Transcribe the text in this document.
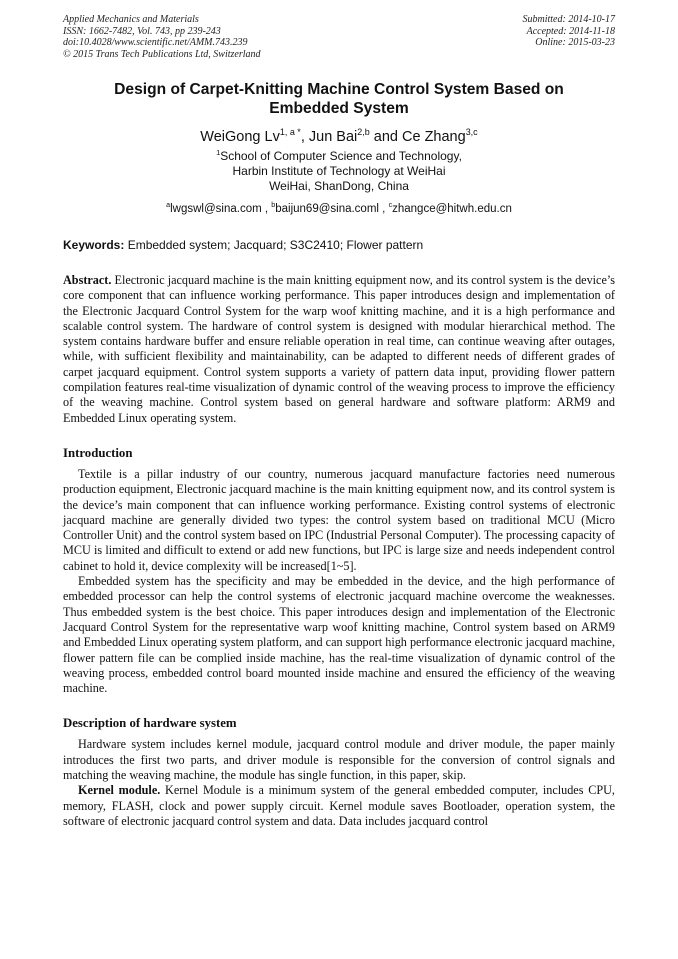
Applied Mechanics and Materials
ISSN: 1662-7482, Vol. 743, pp 239-243
doi:10.4028/www.scientific.net/AMM.743.239
© 2015 Trans Tech Publications Ltd, Switzerland
Submitted: 2014-10-17
Accepted: 2014-11-18
Online: 2015-03-23
Design of Carpet-Knitting Machine Control System Based on Embedded System
WeiGong $Lv^{1, a *}$, Jun Bai$^{2,b}$ and Ce Zhang$^{3,c}$
$^1$School of Computer Science and Technology,
Harbin Institute of Technology at WeiHai
WeiHai, ShanDong, China
$^a$lwgswl@sina.com , $^b$baijun69@sina.coml , $^c$zhangce@hitwh.edu.cn
Keywords: Embedded system; Jacquard; S3C2410; Flower pattern
Abstract. Electronic jacquard machine is the main knitting equipment now, and its control system is the device’s core component that can influence working performance. This paper introduces design and implementation of the Electronic Jacquard Control System for the warp woof knitting machine, and it is a high performance and scalable control system. The hardware of control system is designed with modular hierarchical method. The system contains hardware buffer and ensure reliable operation in real time, can continue weaving after outages, while, with sufficient flexibility and maintainability, can be adapted to different needs of different grades of carpet jacquard equipment. Control system supports a variety of pattern data input, providing flower pattern compilation features real-time visualization of dynamic control of the weaving process to improve the efficiency of the weaving machine. Control system based on general hardware and software platform: ARM9 and Embedded Linux operating system.
Introduction

Textile is a pillar industry of our country, numerous jacquard manufacture factories need numerous production equipment, Electronic jacquard machine is the main knitting equipment now, and its control system is the device’s main component that can influence working performance. Existing control systems of electronic jacquard machine are generally divided two types: the control system based on traditional MCU (Micro Controller Unit) and the control system based on IPC (Industrial Personal Computer). The processing capacity of MCU is limited and difficult to extend or add new functions, but IPC is large size and needs independent control cabinet to hold it, device complexity will be increased[1~5].

Embedded system has the specificity and may be embedded in the device, and the high performance of embedded processor can help the control systems of electronic jacquard machine overcome the weaknesses. Thus embedded system is the best choice. This paper introduces design and implementation of the Electronic Jacquard Control System for the representative warp woof knitting machine, Control system based on ARM9 and Embedded Linux operating system platform, and can support high performance electronic jacquard machine, flower pattern file can be complied inside machine, has the real-time visualization of dynamic control of the weaving process, embedded control board mounted inside machine and ensured the efficiency of the weaving machine.

Description of hardware system

Hardware system includes kernel module, jacquard control module and driver module, the paper mainly introduces the first two parts, and driver module is responsible for the conversion of control signals and matching the weaving machine, the module has single function, in this paper, skip.

Kernel module. Kernel Module is a minimum system of the general embedded computer, includes CPU, memory, FLASH, clock and power supply circuit. Kernel module saves Bootloader, operation system, the software of electronic jacquard control system and data. Data includes jacquard control
